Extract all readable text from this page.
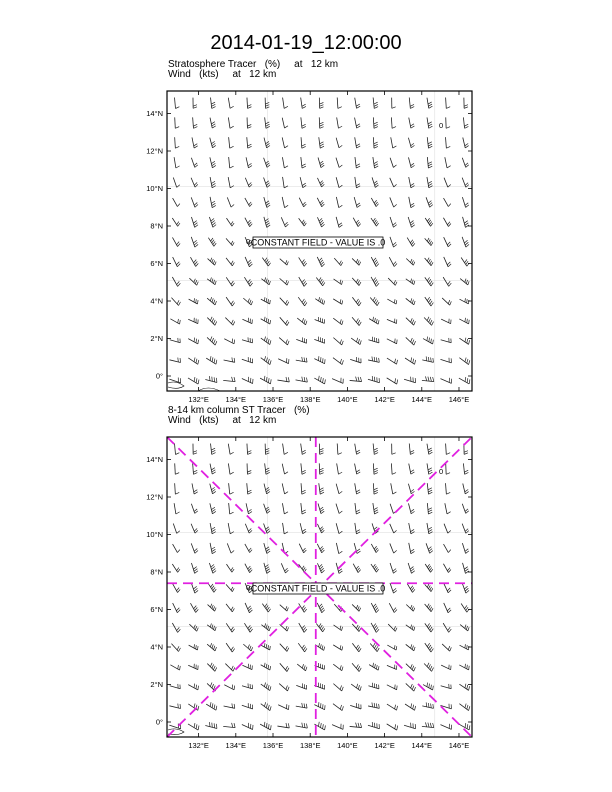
2014-01-19_12:00:00
Stratosphere Tracer   (%)     at   12 km
Wind   (kts)     at   12 km
8-14 km column ST Tracer   (%)
Wind   (kts)     at   12 km
0°
2°N
4°N
6°N
8°N
10°N
12°N
14°N
132°E 134°E 136°E 138°E 140°E 142°E 144°E 146°E
CONSTANT FIELD - VALUE IS .0
0
0
0°
2°N
4°N
6°N
8°N
10°N
12°N
14°N
132°E 134°E 136°E 138°E 140°E 142°E 144°E 146°E
CONSTANT FIELD - VALUE IS .0
0
0
